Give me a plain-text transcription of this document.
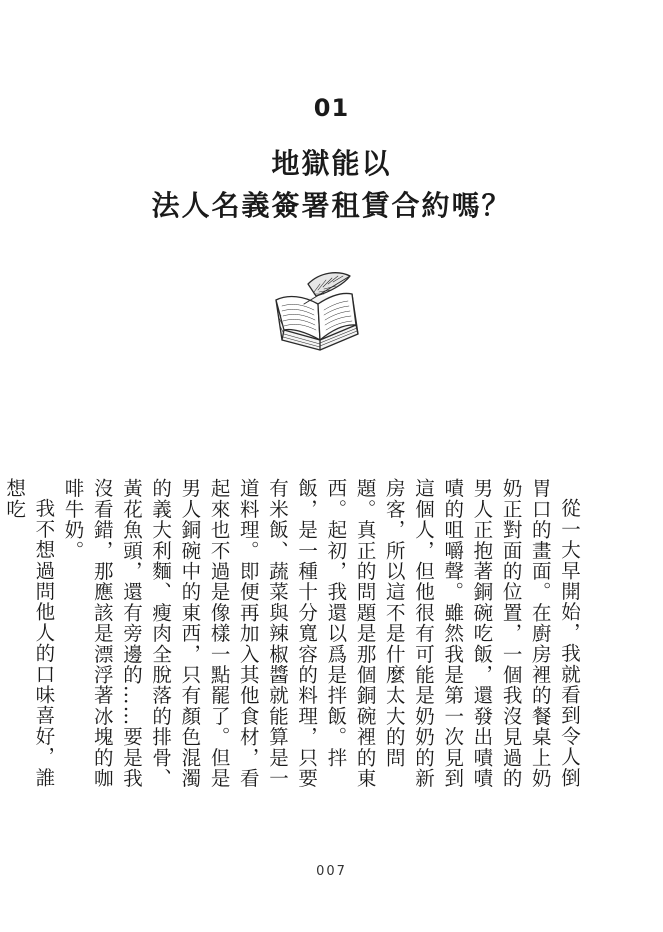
01
地獄能以
法人名義簽署租賃合約嗎？

從一大早開始，我就看到令人倒胃口的畫面。在廚房裡的餐桌上奶奶正對面的位置，一個我沒見過的男人正抱著銅碗吃飯，還發出嘖嘖嘖的咀嚼聲。雖然我是第一次見到這個人，但他很有可能是奶奶的新房客，所以這不是什麼太大的問題。真正的問題是那個銅碗裡的東西。起初，我還以爲是拌飯。拌飯，是一種十分寬容的料理，只要有米飯、蔬菜與辣椒醬就能算是一道料理。即便再加入其他食材，看起來也不過是像樣一點罷了。但是男人銅碗中的東西，只有顏色混濁的義大利麵、瘦肉全脫落的排骨、黃花魚頭，還有旁邊的……要是我沒看錯，那應該是漂浮著冰塊的咖啡牛奶。

我不想過問他人的口味喜好，誰想吃

007
